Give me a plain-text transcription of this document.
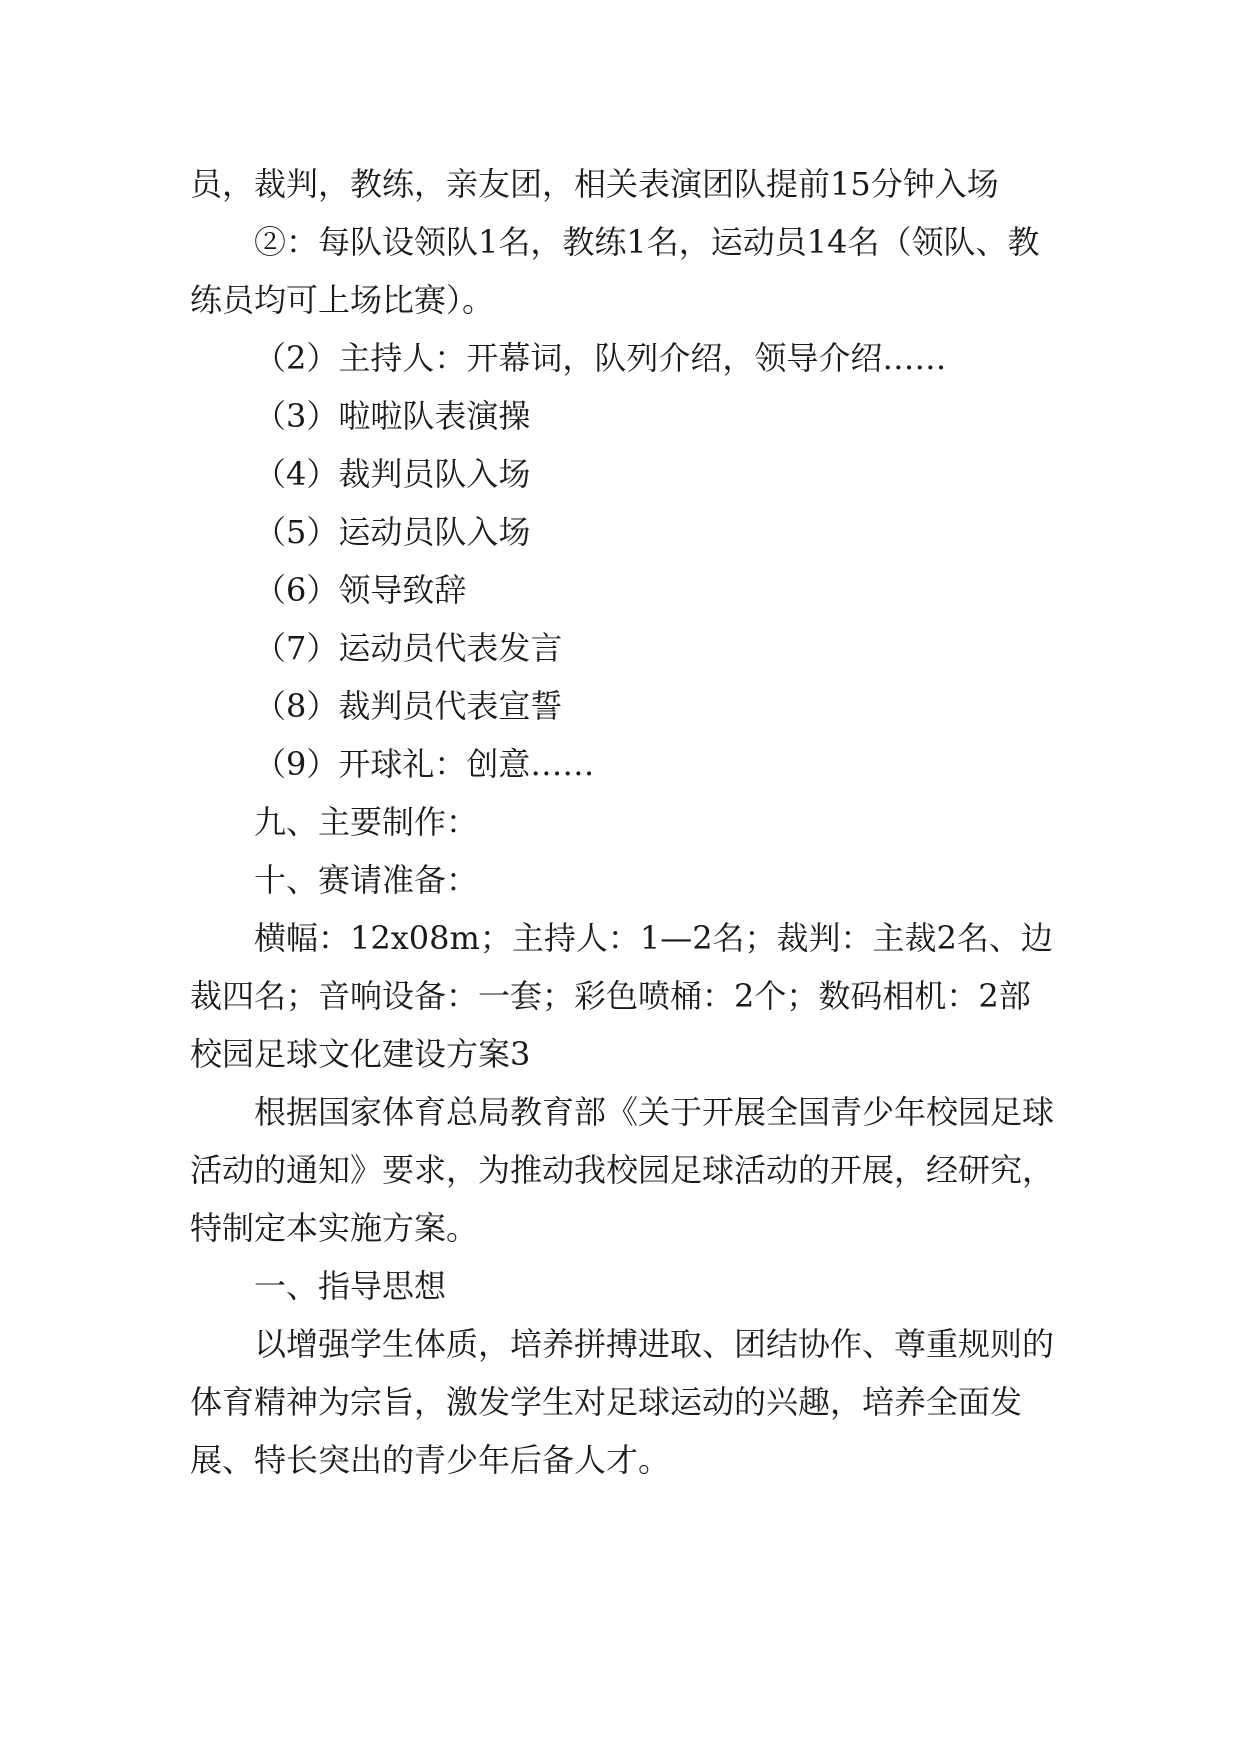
员，裁判，教练，亲友团，相关表演团队提前15分钟入场

②：每队设领队1名，教练1名，运动员14名（领队、教练员均可上场比赛）。

（2）主持人：开幕词，队列介绍，领导介绍……

（3）啦啦队表演操

（4）裁判员队入场

（5）运动员队入场

（6）领导致辞

（7）运动员代表发言

（8）裁判员代表宣誓

（9）开球礼：创意……

九、主要制作：

十、赛请准备：

横幅：12x08m；主持人：1—2名；裁判：主裁2名、边裁四名；音响设备：一套；彩色喷桶：2个；数码相机：2部

校园足球文化建设方案3

根据国家体育总局教育部《关于开展全国青少年校园足球活动的通知》要求，为推动我校园足球活动的开展，经研究，特制定本实施方案。

一、指导思想

以增强学生体质，培养拼搏进取、团结协作、尊重规则的体育精神为宗旨，激发学生对足球运动的兴趣，培养全面发展、特长突出的青少年后备人才。
